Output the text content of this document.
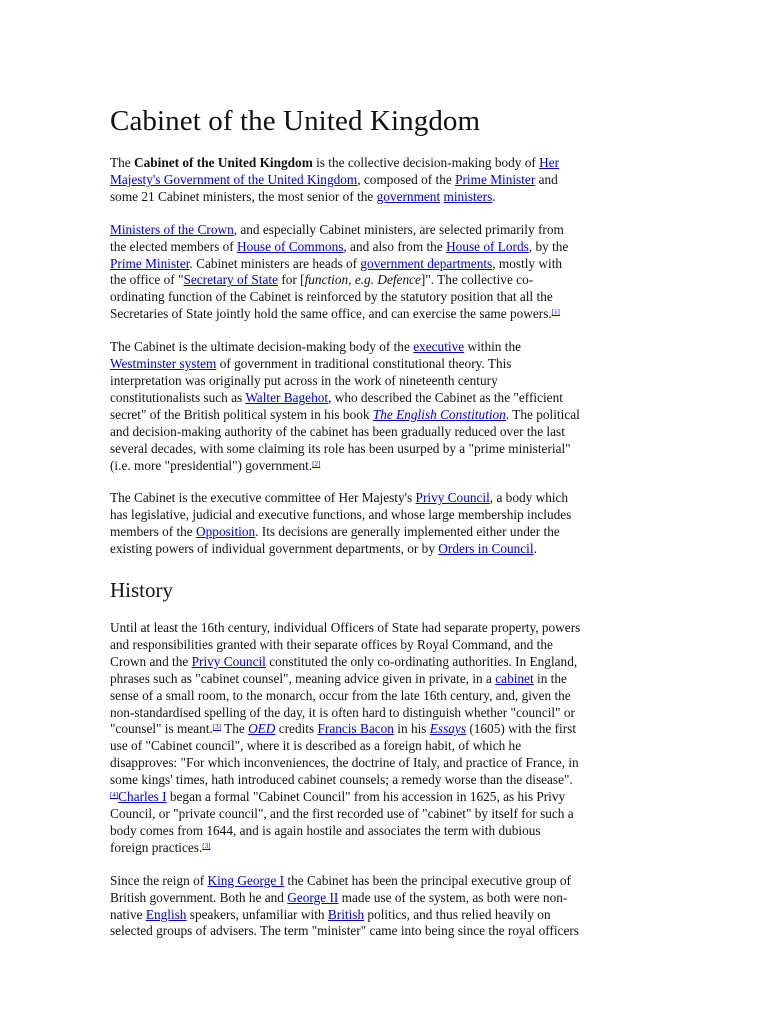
Cabinet of the United Kingdom

The Cabinet of the United Kingdom is the collective decision-making body of Her
Majesty's Government of the United Kingdom, composed of the Prime Minister and
some 21 Cabinet ministers, the most senior of the government ministers.

Ministers of the Crown, and especially Cabinet ministers, are selected primarily from
the elected members of House of Commons, and also from the House of Lords, by the
Prime Minister. Cabinet ministers are heads of government departments, mostly with
the office of "Secretary of State for [function, e.g. Defence]". The collective co-
ordinating function of the Cabinet is reinforced by the statutory position that all the
Secretaries of State jointly hold the same office, and can exercise the same powers.[1]

The Cabinet is the ultimate decision-making body of the executive within the
Westminster system of government in traditional constitutional theory. This
interpretation was originally put across in the work of nineteenth century
constitutionalists such as Walter Bagehot, who described the Cabinet as the "efficient
secret" of the British political system in his book The English Constitution. The political
and decision-making authority of the cabinet has been gradually reduced over the last
several decades, with some claiming its role has been usurped by a "prime ministerial"
(i.e. more "presidential") government.[2]

The Cabinet is the executive committee of Her Majesty's Privy Council, a body which
has legislative, judicial and executive functions, and whose large membership includes
members of the Opposition. Its decisions are generally implemented either under the
existing powers of individual government departments, or by Orders in Council.

History

Until at least the 16th century, individual Officers of State had separate property, powers
and responsibilities granted with their separate offices by Royal Command, and the
Crown and the Privy Council constituted the only co-ordinating authorities. In England,
phrases such as "cabinet counsel", meaning advice given in private, in a cabinet in the
sense of a small room, to the monarch, occur from the late 16th century, and, given the
non-standardised spelling of the day, it is often hard to distinguish whether "council" or
"counsel" is meant.[3] The OED credits Francis Bacon in his Essays (1605) with the first
use of "Cabinet council", where it is described as a foreign habit, of which he
disapproves: "For which inconveniences, the doctrine of Italy, and practice of France, in
some kings' times, hath introduced cabinet counsels; a remedy worse than the disease".
[4]Charles I began a formal "Cabinet Council" from his accession in 1625, as his Privy
Council, or "private council", and the first recorded use of "cabinet" by itself for such a
body comes from 1644, and is again hostile and associates the term with dubious
foreign practices.[3]

Since the reign of King George I the Cabinet has been the principal executive group of
British government. Both he and George II made use of the system, as both were non-
native English speakers, unfamiliar with British politics, and thus relied heavily on
selected groups of advisers. The term "minister" came into being since the royal officers
